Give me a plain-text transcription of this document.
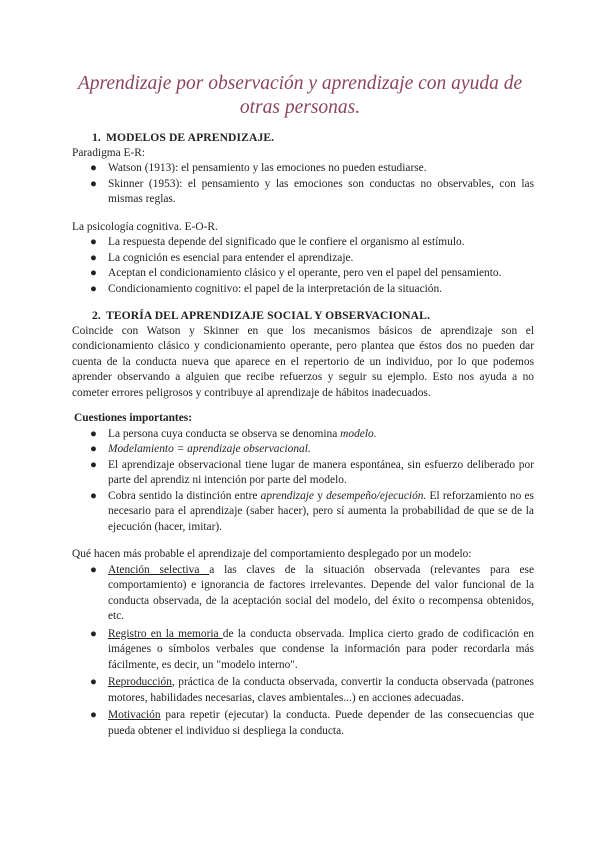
Aprendizaje por observación y aprendizaje con ayuda de
otras personas.

1. MODELOS DE APRENDIZAJE.

Paradigma E-R:

● Watson (1913): el pensamiento y las emociones no pueden estudiarse.
● Skinner (1953): el pensamiento y las emociones son conductas no observables, con las mismas reglas.

La psicología cognitiva. E-O-R.

● La respuesta depende del significado que le confiere el organismo al estímulo.
● La cognición es esencial para entender el aprendizaje.
● Aceptan el condicionamiento clásico y el operante, pero ven el papel del pensamiento.
● Condicionamiento cognitivo: el papel de la interpretación de la situación.

2. TEORÍA DEL APRENDIZAJE SOCIAL Y OBSERVACIONAL.

Coincide con Watson y Skinner en que los mecanismos básicos de aprendizaje son el condicionamiento clásico y condicionamiento operante, pero plantea que éstos dos no pueden dar cuenta de la conducta nueva que aparece en el repertorio de un individuo, por lo que podemos aprender observando a alguien que recibe refuerzos y seguir su ejemplo. Esto nos ayuda a no cometer errores peligrosos y contribuye al aprendizaje de hábitos inadecuados.

Cuestiones importantes:

● La persona cuya conducta se observa se denomina modelo.
● Modelamiento = aprendizaje observacional.
● El aprendizaje observacional tiene lugar de manera espontánea, sin esfuerzo deliberado por parte del aprendiz ni intención por parte del modelo.
● Cobra sentido la distinción entre aprendizaje y desempeño/ejecución. El reforzamiento no es necesario para el aprendizaje (saber hacer), pero sí aumenta la probabilidad de que se de la ejecución (hacer, imitar).

Qué hacen más probable el aprendizaje del comportamiento desplegado por un modelo:

● Atención selectiva a las claves de la situación observada (relevantes para ese comportamiento) e ignorancia de factores irrelevantes. Depende del valor funcional de la conducta observada, de la aceptación social del modelo, del éxito o recompensa obtenidos, etc.
● Registro en la memoria de la conducta observada. Implica cierto grado de codificación en imágenes o símbolos verbales que condense la información para poder recordarla más fácilmente, es decir, un "modelo interno".
● Reproducción, práctica de la conducta observada, convertir la conducta observada (patrones motores, habilidades necesarias, claves ambientales...) en acciones adecuadas.
● Motivación para repetir (ejecutar) la conducta. Puede depender de las consecuencias que pueda obtener el individuo si despliega la conducta.
